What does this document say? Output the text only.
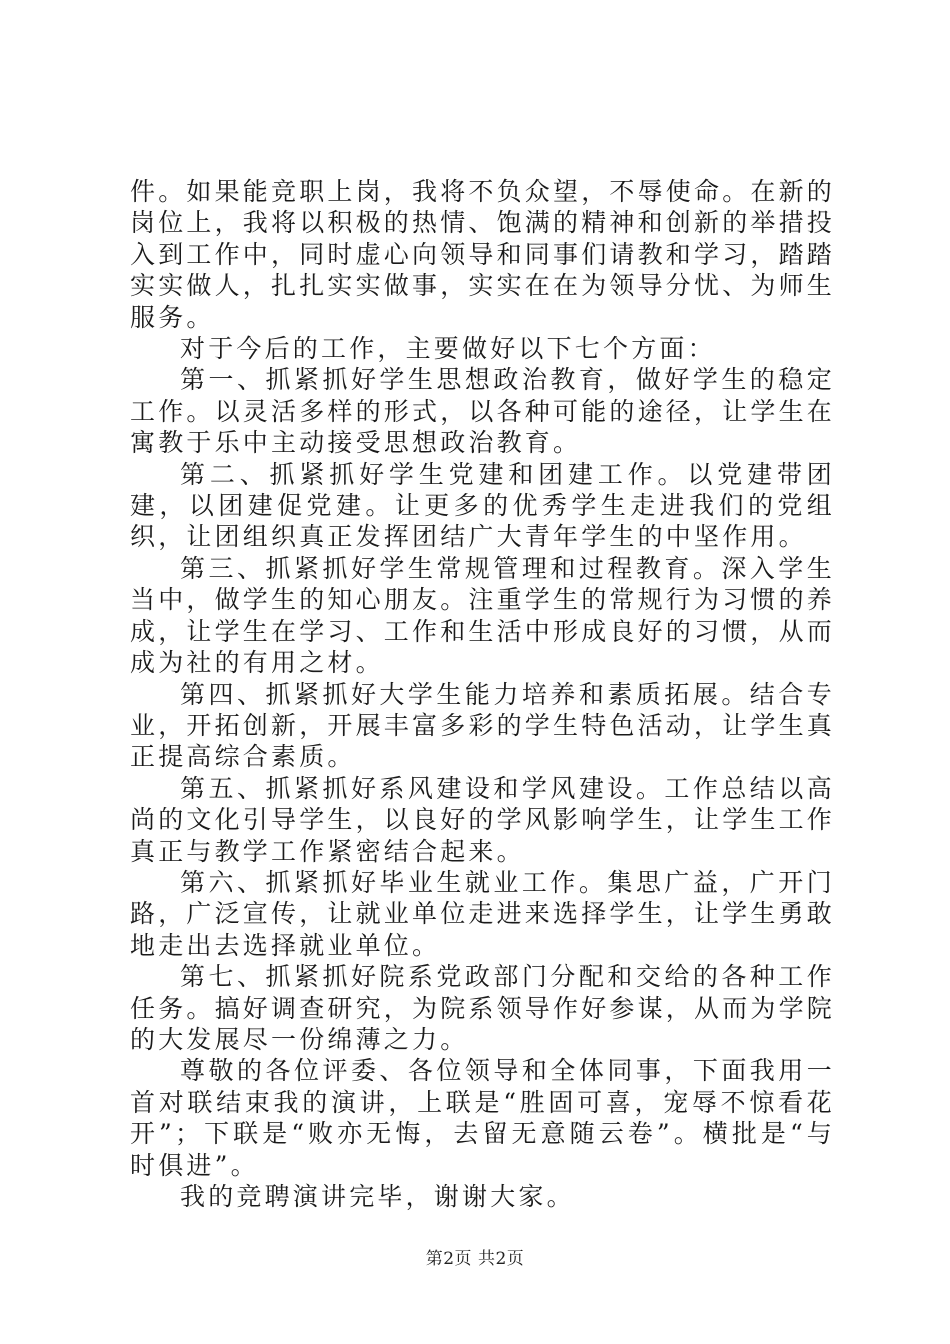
件。如果能竞职上岗，我将不负众望，不辱使命。在新的岗位上，我将以积极的热情、饱满的精神和创新的举措投入到工作中，同时虚心向领导和同事们请教和学习，踏踏实实做人，扎扎实实做事，实实在在为领导分忧、为师生服务。

对于今后的工作，主要做好以下七个方面：

第一、抓紧抓好学生思想政治教育，做好学生的稳定工作。以灵活多样的形式，以各种可能的途径，让学生在寓教于乐中主动接受思想政治教育。

第二、抓紧抓好学生党建和团建工作。以党建带团建，以团建促党建。让更多的优秀学生走进我们的党组织，让团组织真正发挥团结广大青年学生的中坚作用。

第三、抓紧抓好学生常规管理和过程教育。深入学生当中，做学生的知心朋友。注重学生的常规行为习惯的养成，让学生在学习、工作和生活中形成良好的习惯，从而成为社的有用之材。

第四、抓紧抓好大学生能力培养和素质拓展。结合专业，开拓创新，开展丰富多彩的学生特色活动，让学生真正提高综合素质。

第五、抓紧抓好系风建设和学风建设。工作总结以高尚的文化引导学生，以良好的学风影响学生，让学生工作真正与教学工作紧密结合起来。

第六、抓紧抓好毕业生就业工作。集思广益，广开门路，广泛宣传，让就业单位走进来选择学生，让学生勇敢地走出去选择就业单位。

第七、抓紧抓好院系党政部门分配和交给的各种工作任务。搞好调查研究，为院系领导作好参谋，从而为学院的大发展尽一份绵薄之力。

尊敬的各位评委、各位领导和全体同事，下面我用一首对联结束我的演讲，上联是“胜固可喜，宠辱不惊看花开”；下联是“败亦无悔，去留无意随云卷”。横批是“与时俱进”。

我的竞聘演讲完毕，谢谢大家。

第2页 共2页
